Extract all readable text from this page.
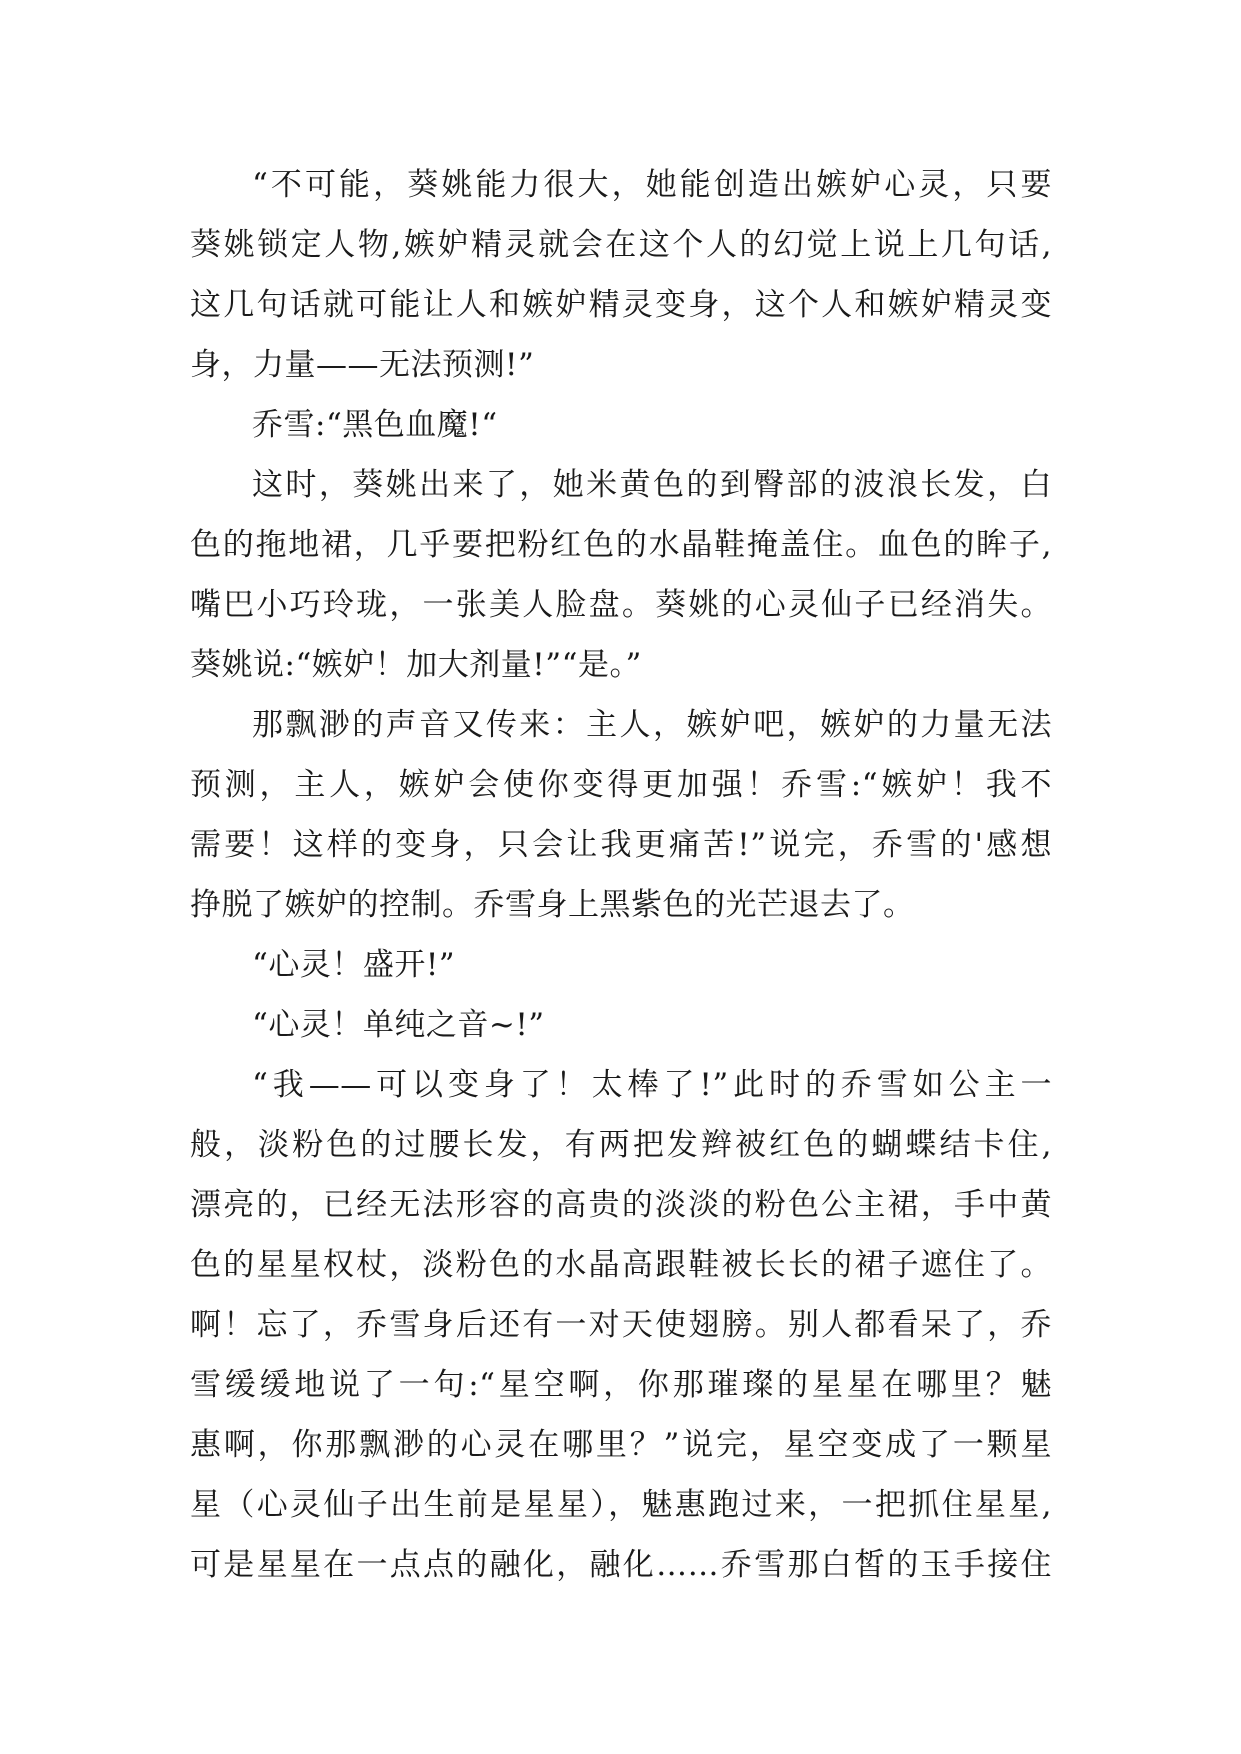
“不可能，葵姚能力很大，她能创造出嫉妒心灵，只要
葵姚锁定人物,嫉妒精灵就会在这个人的幻觉上说上几句话,
这几句话就可能让人和嫉妒精灵变身，这个人和嫉妒精灵变
身，力量——无法预测!”
乔雪:“黑色血魔!“
这时，葵姚出来了，她米黄色的到臀部的波浪长发，白
色的拖地裙，几乎要把粉红色的水晶鞋掩盖住。血色的眸子,
嘴巴小巧玲珑，一张美人脸盘。葵姚的心灵仙子已经消失。
葵姚说:“嫉妒！加大剂量!”“是。”
那飘渺的声音又传来：主人，嫉妒吧，嫉妒的力量无法
预测，主人，嫉妒会使你变得更加强！乔雪:“嫉妒！我不
需要！这样的变身，只会让我更痛苦!”说完，乔雪的'感想
挣脱了嫉妒的控制。乔雪身上黑紫色的光芒退去了。
“心灵！盛开!”
“心灵！单纯之音~!”
“我——可以变身了！太棒了!”此时的乔雪如公主一
般，淡粉色的过腰长发，有两把发辫被红色的蝴蝶结卡住,
漂亮的，已经无法形容的高贵的淡淡的粉色公主裙，手中黄
色的星星权杖，淡粉色的水晶高跟鞋被长长的裙子遮住了。
啊！忘了，乔雪身后还有一对天使翅膀。别人都看呆了，乔
雪缓缓地说了一句:“星空啊，你那璀璨的星星在哪里？魅
惠啊，你那飘渺的心灵在哪里？”说完，星空变成了一颗星
星（心灵仙子出生前是星星），魅惠跑过来，一把抓住星星,
可是星星在一点点的融化，融化……乔雪那白皙的玉手接住
